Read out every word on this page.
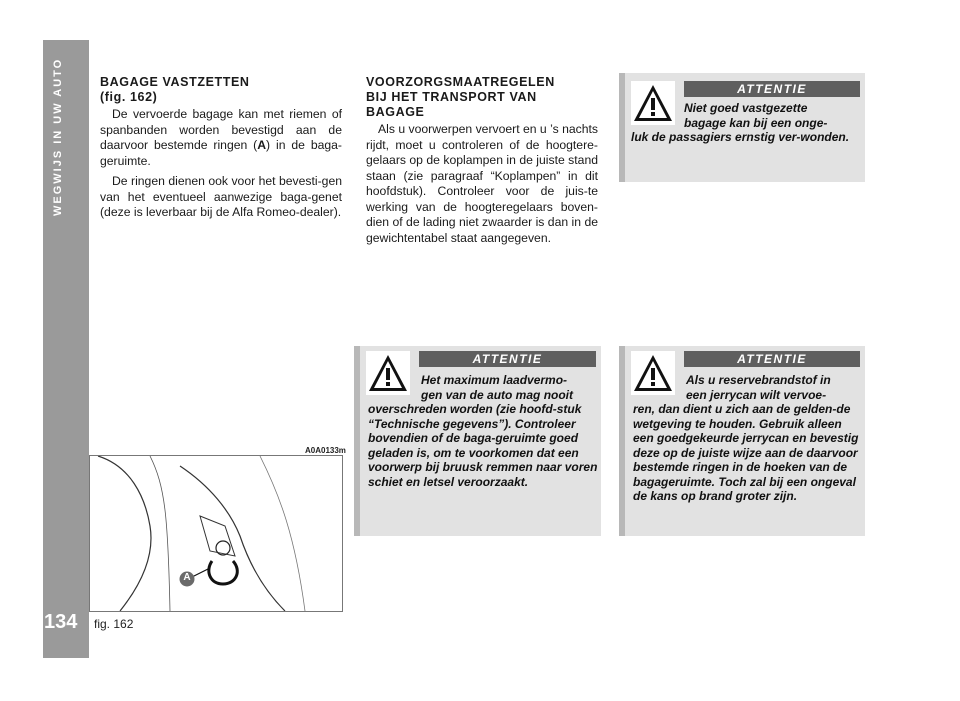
WEGWIJS IN UW AUTO
134
BAGAGE VASTZETTEN
(fig. 162)

De vervoerde bagage kan met riemen of spanbanden worden bevestigd aan de daarvoor bestemde ringen (A) in de baga-geruimte.

De ringen dienen ook voor het bevesti-gen van het eventueel aanwezige baga-genet (deze is leverbaar bij de Alfa Romeo-dealer).

VOORZORGSMAATREGELEN
BIJ HET TRANSPORT VAN
BAGAGE

Als u voorwerpen vervoert en u ’s nachts rijdt, moet u controleren of de hoogtere-gelaars op de koplampen in de juiste stand staan (zie paragraaf “Koplampen” in dit hoofdstuk). Controleer voor de juis-te werking van de hoogteregelaars boven-dien of de lading niet zwaarder is dan in de gewichtentabel staat aangegeven.

ATTENTIE
Niet goed vastgezette
bagage kan bij een onge-
luk de passagiers ernstig ver-wonden.
ATTENTIE
Het maximum laadvermo-
gen van de auto mag nooit
overschreden worden (zie hoofd-stuk “Technische gegevens”). Controleer bovendien of de baga-geruimte goed geladen is, om te voorkomen dat een voorwerp bij bruusk remmen naar voren schiet en letsel veroorzaakt.
ATTENTIE
Als u reservebrandstof in
een jerrycan wilt vervoe-
ren, dan dient u zich aan de gelden-de wetgeving te houden. Gebruik alleen een goedgekeurde jerrycan en bevestig deze op de juiste wijze aan de daarvoor bestemde ringen in de hoeken van de bagageruimte. Toch zal bij een ongeval de kans op brand groter zijn.
A0A0133m
A
fig. 162
